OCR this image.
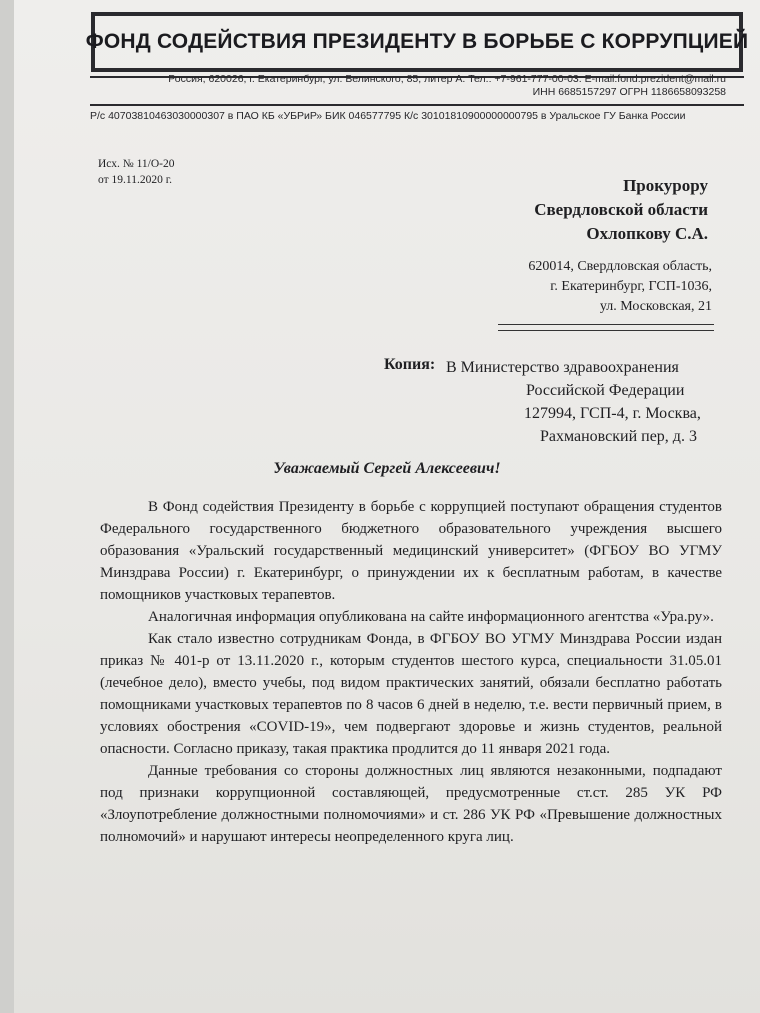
ФОНД СОДЕЙСТВИЯ ПРЕЗИДЕНТУ В БОРЬБЕ С КОРРУПЦИЕЙ
Россия, 620026, г. Екатеринбург, ул. Белинского, 85, литер А. Тел.: +7-961-777-00-03. E-mail:fond.prezident@mail.ru
ИНН 6685157297 ОГРН 1186658093258
Р/с 40703810463030000307 в ПАО КБ «УБРиР» БИК 046577795 К/с 30101810900000000795 в Уральское ГУ Банка России
Исх. № 11/О-20
от 19.11.2020 г.	Прокурору
Свердловской области
Охлопкову С.А.
620014, Свердловская область,
г. Екатеринбург, ГСП-1036,
ул. Московская, 21
Копия: В Министерство здравоохранения
Российской Федерации
127994, ГСП-4, г. Москва,
Рахмановский пер, д. 3
Уважаемый Сергей Алексеевич!

В Фонд содействия Президенту в борьбе с коррупцией поступают обращения студентов Федерального государственного бюджетного образовательного учреждения высшего образования «Уральский государственный медицинский университет» (ФГБОУ ВО УГМУ Минздрава России) г. Екатеринбург, о принуждении их к бесплатным работам, в качестве помощников участковых терапевтов.

Аналогичная информация опубликована на сайте информационного агентства «Ура.ру».

Как стало известно сотрудникам Фонда, в ФГБОУ ВО УГМУ Минздрава России издан приказ № 401-р от 13.11.2020 г., которым студентов шестого курса, специальности 31.05.01 (лечебное дело), вместо учебы, под видом практических занятий, обязали бесплатно работать помощниками участковых терапевтов по 8 часов 6 дней в неделю, т.е. вести первичный прием, в условиях обострения «COVID-19», чем подвергают здоровье и жизнь студентов, реальной опасности. Согласно приказу, такая практика продлится до 11 января 2021 года.

Данные требования со стороны должностных лиц являются незаконными, подпадают под признаки коррупционной составляющей, предусмотренные ст.ст. 285 УК РФ «Злоупотребление должностными полномочиями» и ст. 286 УК РФ «Превышение должностных полномочий» и нарушают интересы неопределенного круга лиц.
